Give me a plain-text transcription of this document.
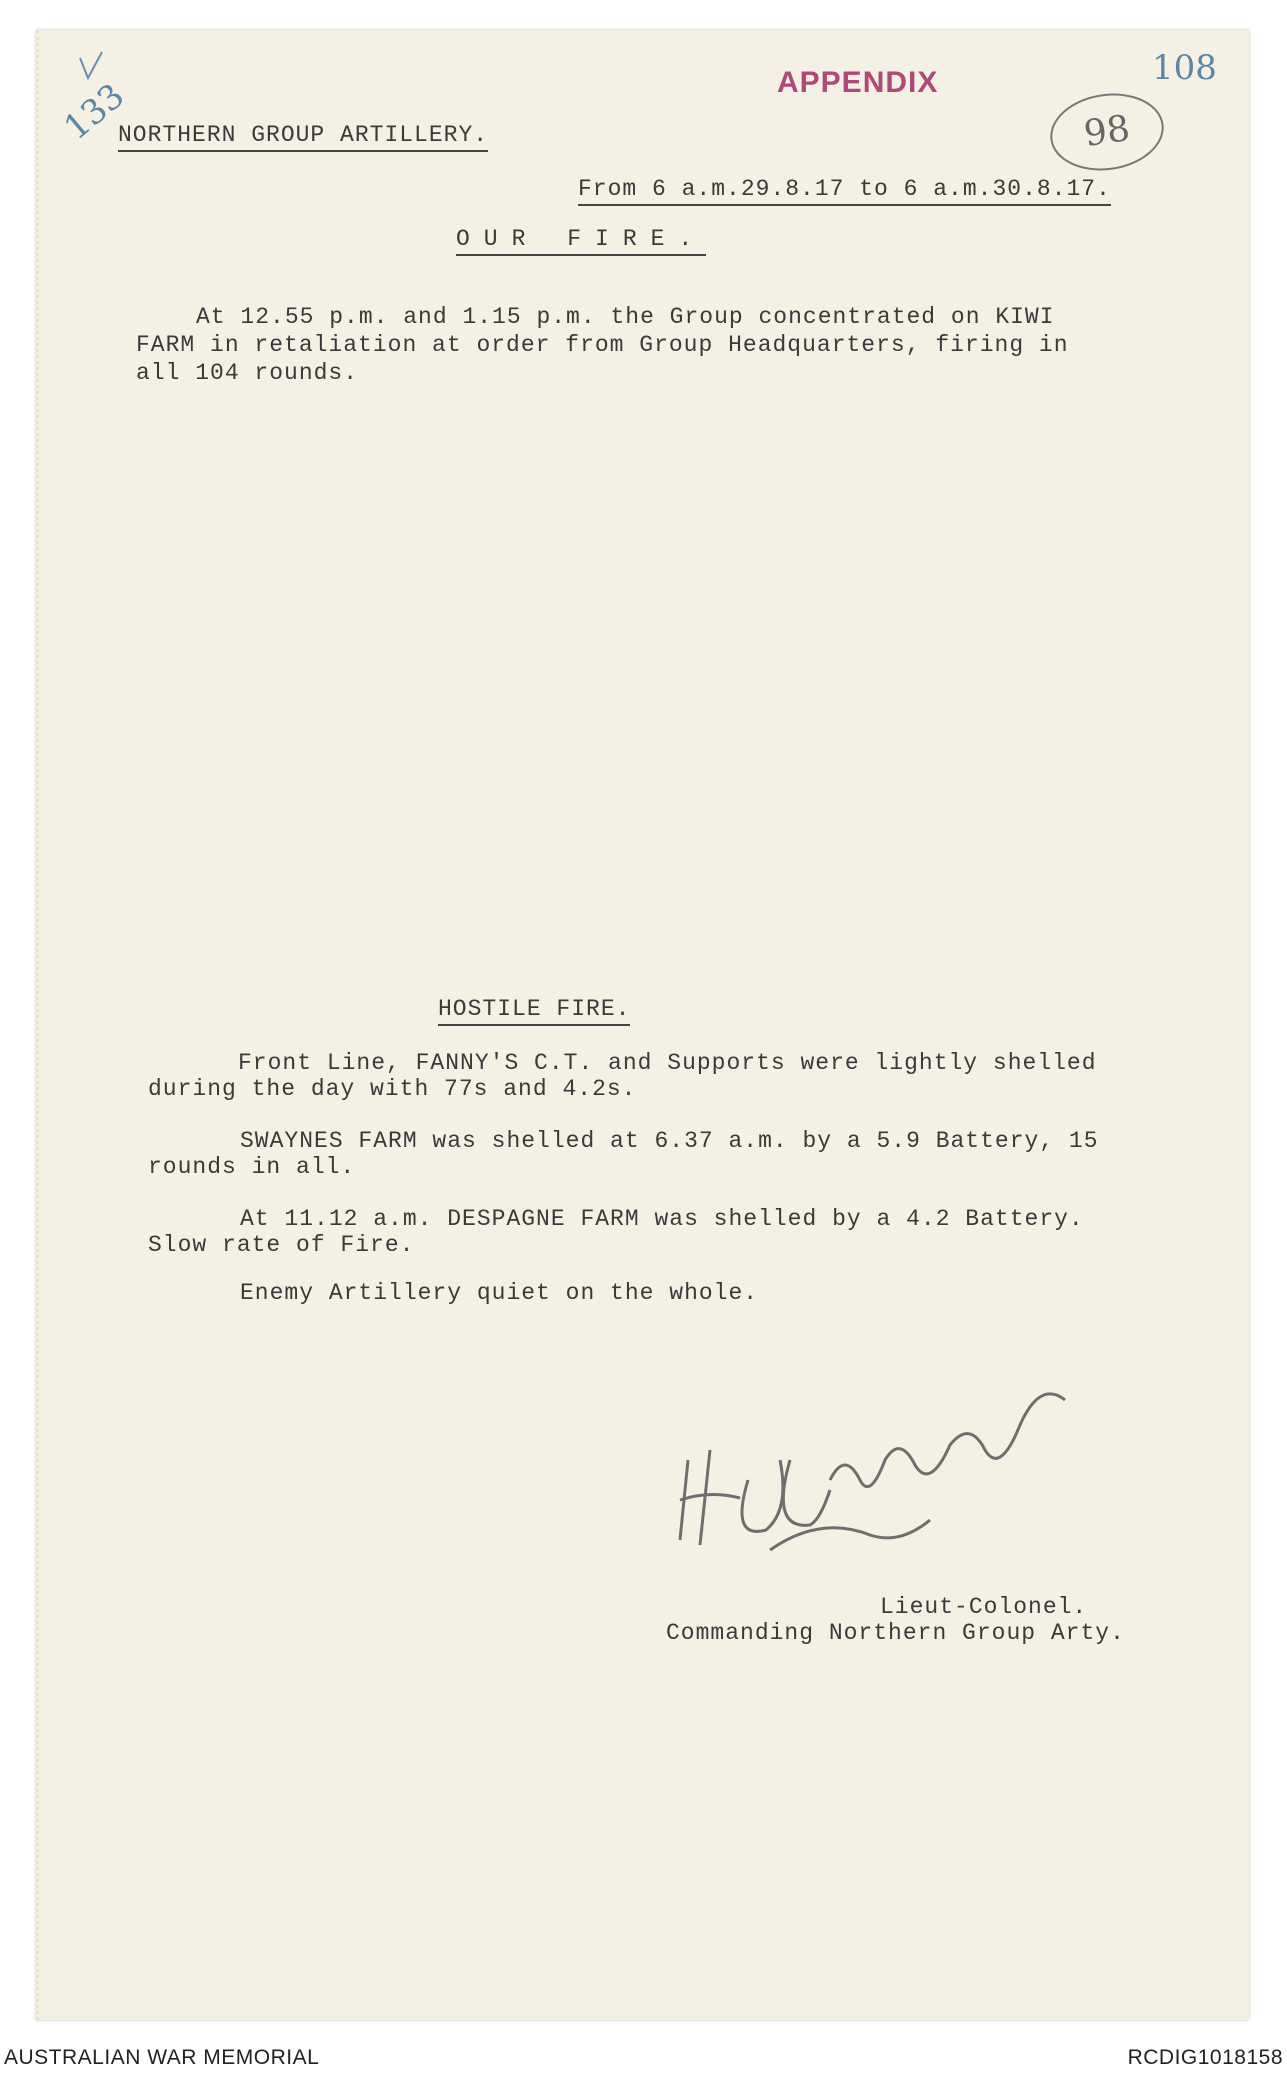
133
108
98
APPENDIX
NORTHERN GROUP ARTILLERY.
From 6 a.m.29.8.17 to 6 a.m.30.8.17.
OUR FIRE.
At 12.55 p.m. and 1.15 p.m. the Group concentrated on KIWI
FARM in retaliation at order from Group Headquarters, firing in
all 104 rounds.
HOSTILE FIRE.
Front Line, FANNY'S C.T. and Supports were lightly shelled
during the day with 77s and 4.2s.
SWAYNES FARM was shelled at 6.37 a.m. by a 5.9 Battery, 15
rounds in all.
At 11.12 a.m. DESPAGNE FARM was shelled by a 4.2 Battery.
Slow rate of Fire.
Enemy Artillery quiet on the whole.
Lieut-Colonel.
Commanding Northern Group Arty.
AUSTRALIAN WAR MEMORIAL	RCDIG1018158
